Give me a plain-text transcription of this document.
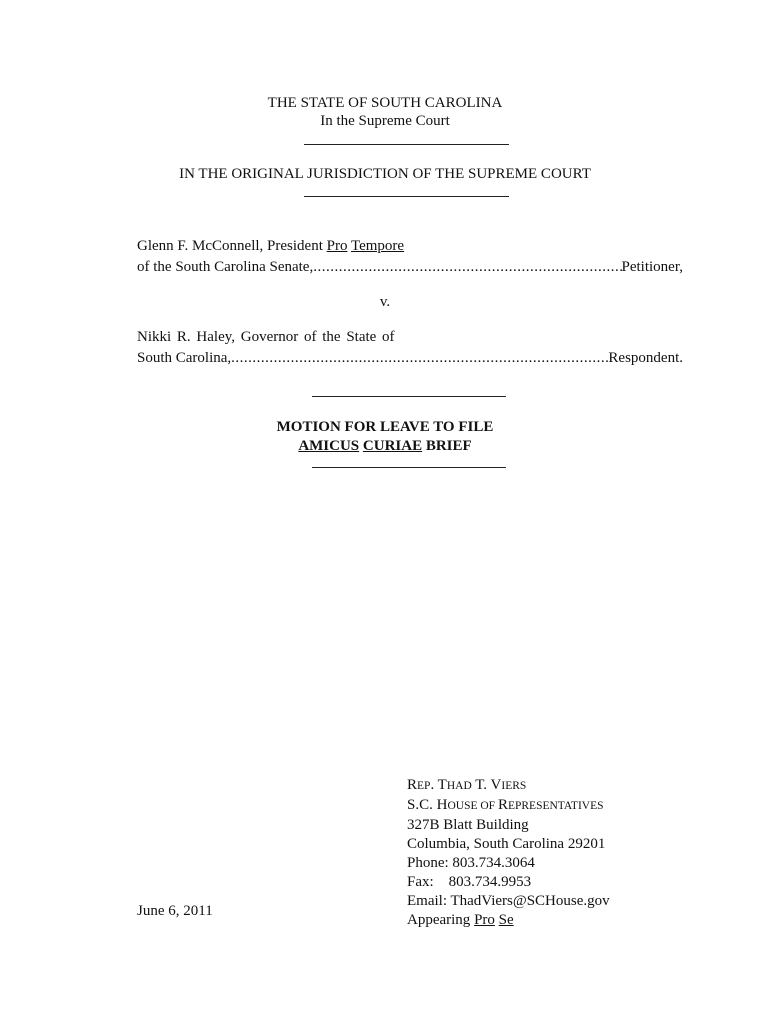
THE STATE OF SOUTH CAROLINA
In the Supreme Court
IN THE ORIGINAL JURISDICTION OF THE SUPREME COURT
Glenn F. McConnell, President Pro Tempore
of the South Carolina Senate, .....	Petitioner,
v.
Nikki R. Haley, Governor of the State of
South Carolina, .....	Respondent.
MOTION FOR LEAVE TO FILE
AMICUS CURIAE BRIEF
REP. THAD T. VIERS
S.C. HOUSE OF REPRESENTATIVES
327B Blatt Building
Columbia, South Carolina 29201
Phone: 803.734.3064
Fax:    803.734.9953
Email: ThadViers@SCHouse.gov
Appearing Pro Se
June 6, 2011
